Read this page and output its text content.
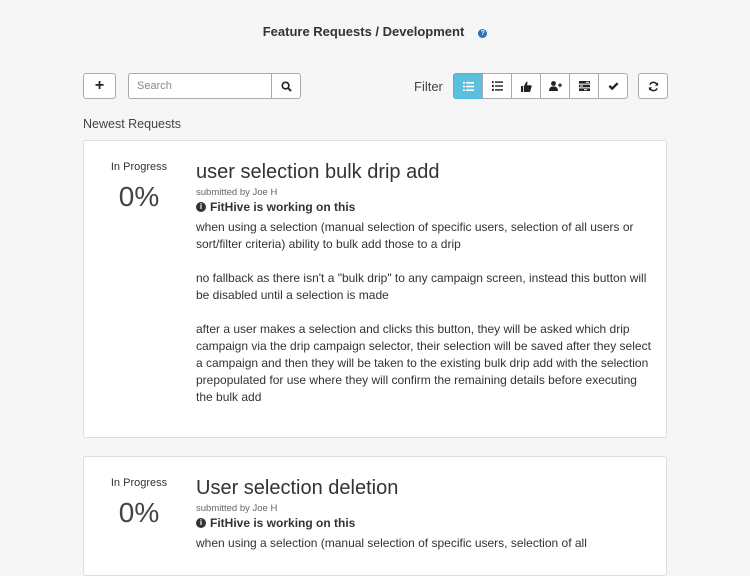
Feature Requests / Development ?
+
Search	Filter
Newest Requests
In Progress
0%
user selection bulk drip add
submitted by Joe H
i FitHive is working on this

when using a selection (manual selection of specific users, selection of all users or sort/filter criteria) ability to bulk add those to a drip

no fallback as there isn't a "bulk drip" to any campaign screen, instead this button will be disabled until a selection is made

after a user makes a selection and clicks this button, they will be asked which drip campaign via the drip campaign selector, their selection will be saved after they select a campaign and then they will be taken to the existing bulk drip add with the selection prepopulated for use where they will confirm the remaining details before executing the bulk add

In Progress
0%
User selection deletion
submitted by Joe H
i FitHive is working on this

when using a selection (manual selection of specific users, selection of all
